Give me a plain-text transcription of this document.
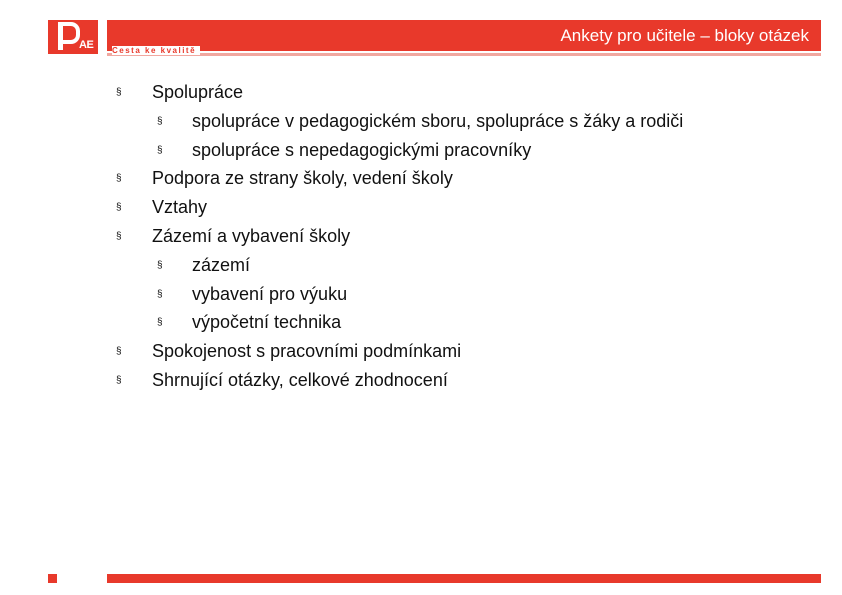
AE	Ankety pro učitele – bloky otázek
Cesta ke kvalitě
§ Spolupráce
§ spolupráce v pedagogickém sboru, spolupráce s žáky a rodiči
§ spolupráce s nepedagogickými pracovníky
§ Podpora ze strany školy, vedení školy
§ Vztahy
§ Zázemí a vybavení školy
§ zázemí
§ vybavení pro výuku
§ výpočetní technika
§ Spokojenost s pracovními podmínkami
§ Shrnující otázky, celkové zhodnocení
